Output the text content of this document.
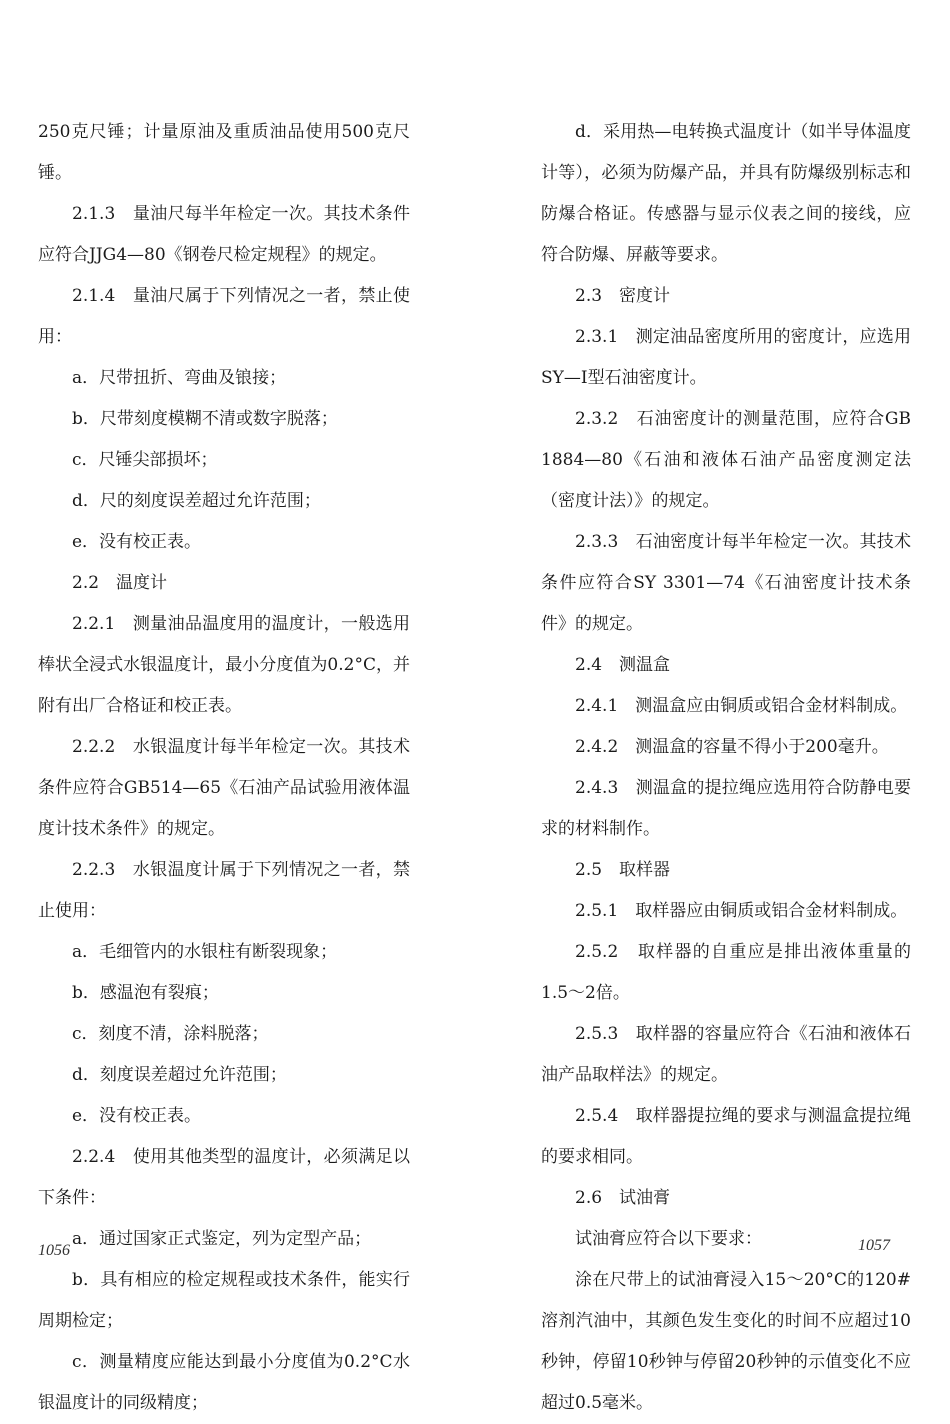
250克尺锤；计量原油及重质油品使用500克尺锤。

2.1.3　量油尺每半年检定一次。其技术条件应符合JJG4—80《钢卷尺检定规程》的规定。

2.1.4　量油尺属于下列情况之一者，禁止使用：

a．尺带扭折、弯曲及锒接；

b．尺带刻度模糊不清或数字脱落；

c．尺锤尖部损坏；

d．尺的刻度误差超过允许范围；

e．没有校正表。

2.2　温度计

2.2.1　测量油品温度用的温度计，一般选用棒状全浸式水银温度计，最小分度值为0.2°C，并附有出厂合格证和校正表。

2.2.2　水银温度计每半年检定一次。其技术条件应符合GB514—65《石油产品试验用液体温度计技术条件》的规定。

2.2.3　水银温度计属于下列情况之一者，禁止使用：

a．毛细管内的水银柱有断裂现象；

b．感温泡有裂痕；

c．刻度不清，涂料脱落；

d．刻度误差超过允许范围；

e．没有校正表。

2.2.4　使用其他类型的温度计，必须满足以下条件：

a．通过国家正式鉴定，列为定型产品；

b．具有相应的检定规程或技术条件，能实行周期检定；

c．测量精度应能达到最小分度值为0.2°C水银温度计的同级精度；

d．采用热—电转换式温度计（如半导体温度计等），必须为防爆产品，并具有防爆级别标志和防爆合格证。传感器与显示仪表之间的接线，应符合防爆、屏蔽等要求。

2.3　密度计

2.3.1　测定油品密度所用的密度计，应选用SY—Ⅰ型石油密度计。

2.3.2　石油密度计的测量范围，应符合GB 1884—80《石油和液体石油产品密度测定法（密度计法）》的规定。

2.3.3　石油密度计每半年检定一次。其技术条件应符合SY 3301—74《石油密度计技术条件》的规定。

2.4　测温盒

2.4.1　测温盒应由铜质或铝合金材料制成。

2.4.2　测温盒的容量不得小于200毫升。

2.4.3　测温盒的提拉绳应选用符合防静电要求的材料制作。

2.5　取样器

2.5.1　取样器应由铜质或铝合金材料制成。

2.5.2　取样器的自重应是排出液体重量的1.5～2倍。

2.5.3　取样器的容量应符合《石油和液体石油产品取样法》的规定。

2.5.4　取样器提拉绳的要求与测温盒提拉绳的要求相同。

2.6　试油膏

试油膏应符合以下要求：

涂在尺带上的试油膏浸入15～20°C的120#溶剂汽油中，其颜色发生变化的时间不应超过10秒钟，停留10秒钟与停留20秒钟的示值变化不应超过0.5毫米。

1056	1057
